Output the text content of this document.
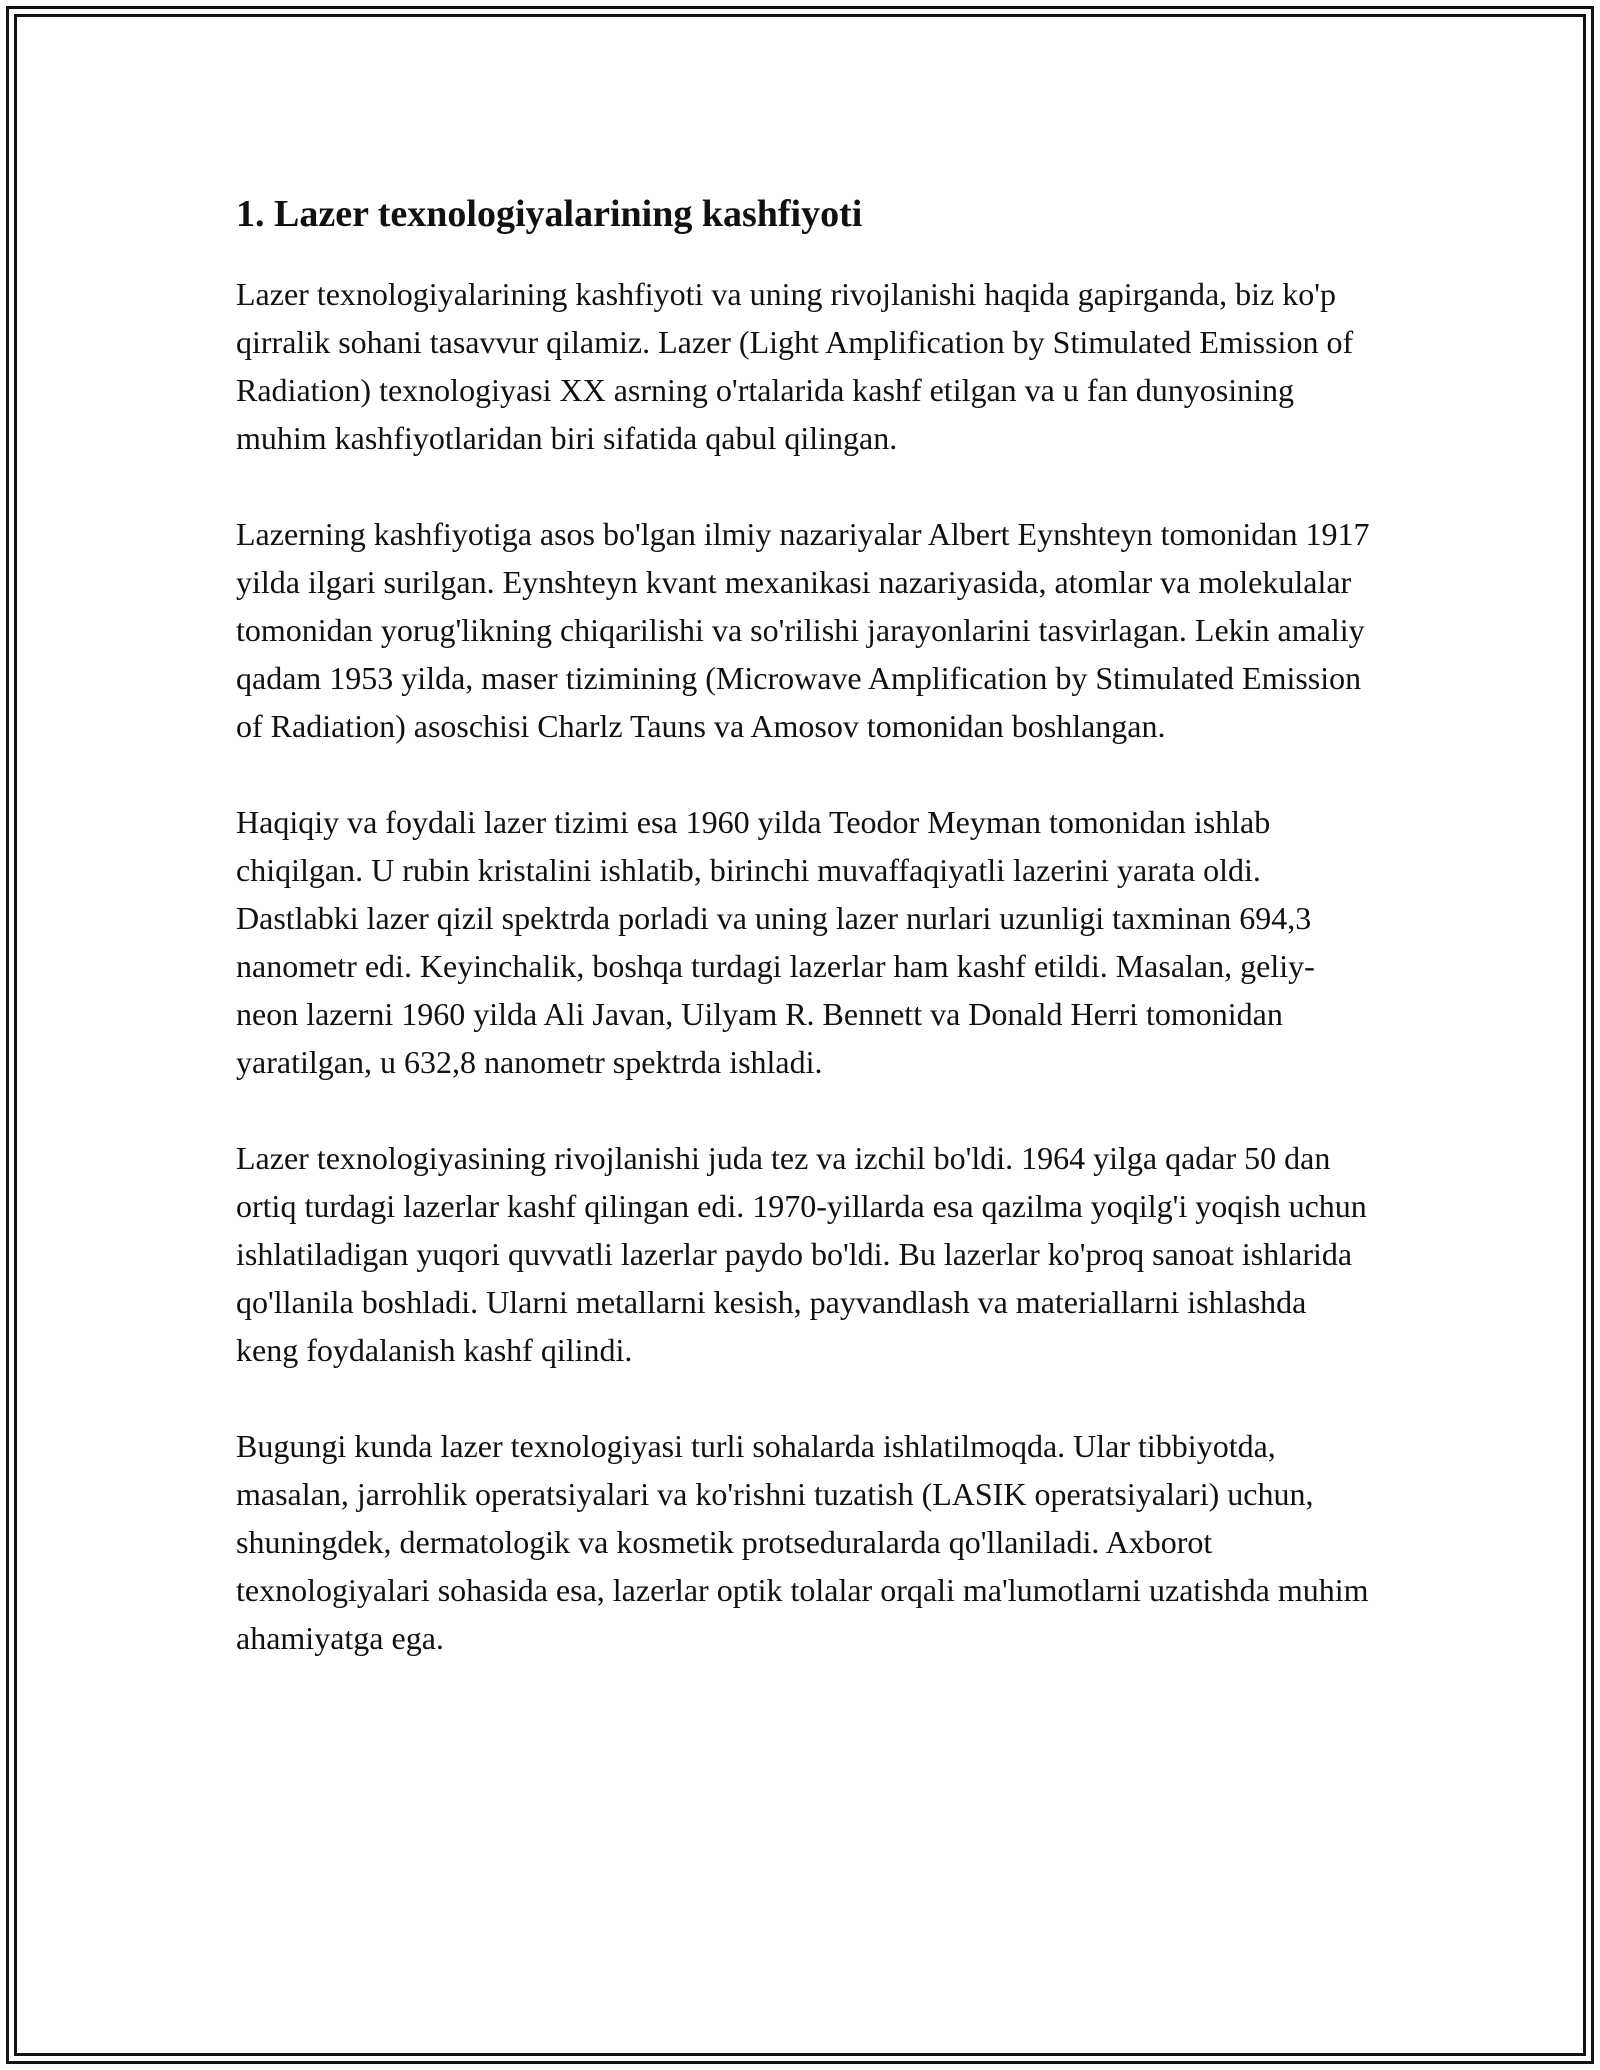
1. Lazer texnologiyalarining kashfiyoti

Lazer texnologiyalarining kashfiyoti va uning rivojlanishi haqida gapirganda, biz ko'p qirralik sohani tasavvur qilamiz. Lazer (Light Amplification by Stimulated Emission of Radiation) texnologiyasi XX asrning o'rtalarida kashf etilgan va u fan dunyosining muhim kashfiyotlaridan biri sifatida qabul qilingan.

Lazerning kashfiyotiga asos bo'lgan ilmiy nazariyalar Albert Eynshteyn tomonidan 1917 yilda ilgari surilgan. Eynshteyn kvant mexanikasi nazariyasida, atomlar va molekulalar tomonidan yorug'likning chiqarilishi va so'rilishi jarayonlarini tasvirlagan. Lekin amaliy qadam 1953 yilda, maser tizimining (Microwave Amplification by Stimulated Emission of Radiation) asoschisi Charlz Tauns va Amosov tomonidan boshlangan.

Haqiqiy va foydali lazer tizimi esa 1960 yilda Teodor Meyman tomonidan ishlab chiqilgan. U rubin kristalini ishlatib, birinchi muvaffaqiyatli lazerini yarata oldi. Dastlabki lazer qizil spektrda porladi va uning lazer nurlari uzunligi taxminan 694,3 nanometr edi. Keyinchalik, boshqa turdagi lazerlar ham kashf etildi. Masalan, geliy-neon lazerni 1960 yilda Ali Javan, Uilyam R. Bennett va Donald Herri tomonidan yaratilgan, u 632,8 nanometr spektrda ishladi.

Lazer texnologiyasining rivojlanishi juda tez va izchil bo'ldi. 1964 yilga qadar 50 dan ortiq turdagi lazerlar kashf qilingan edi. 1970-yillarda esa qazilma yoqilg'i yoqish uchun ishlatiladigan yuqori quvvatli lazerlar paydo bo'ldi. Bu lazerlar ko'proq sanoat ishlarida qo'llanila boshladi. Ularni metallarni kesish, payvandlash va materiallarni ishlashda keng foydalanish kashf qilindi.

Bugungi kunda lazer texnologiyasi turli sohalarda ishlatilmoqda. Ular tibbiyotda, masalan, jarrohlik operatsiyalari va ko'rishni tuzatish (LASIK operatsiyalari) uchun, shuningdek, dermatologik va kosmetik protseduralarda qo'llaniladi. Axborot texnologiyalari sohasida esa, lazerlar optik tolalar orqali ma'lumotlarni uzatishda muhim ahamiyatga ega.
